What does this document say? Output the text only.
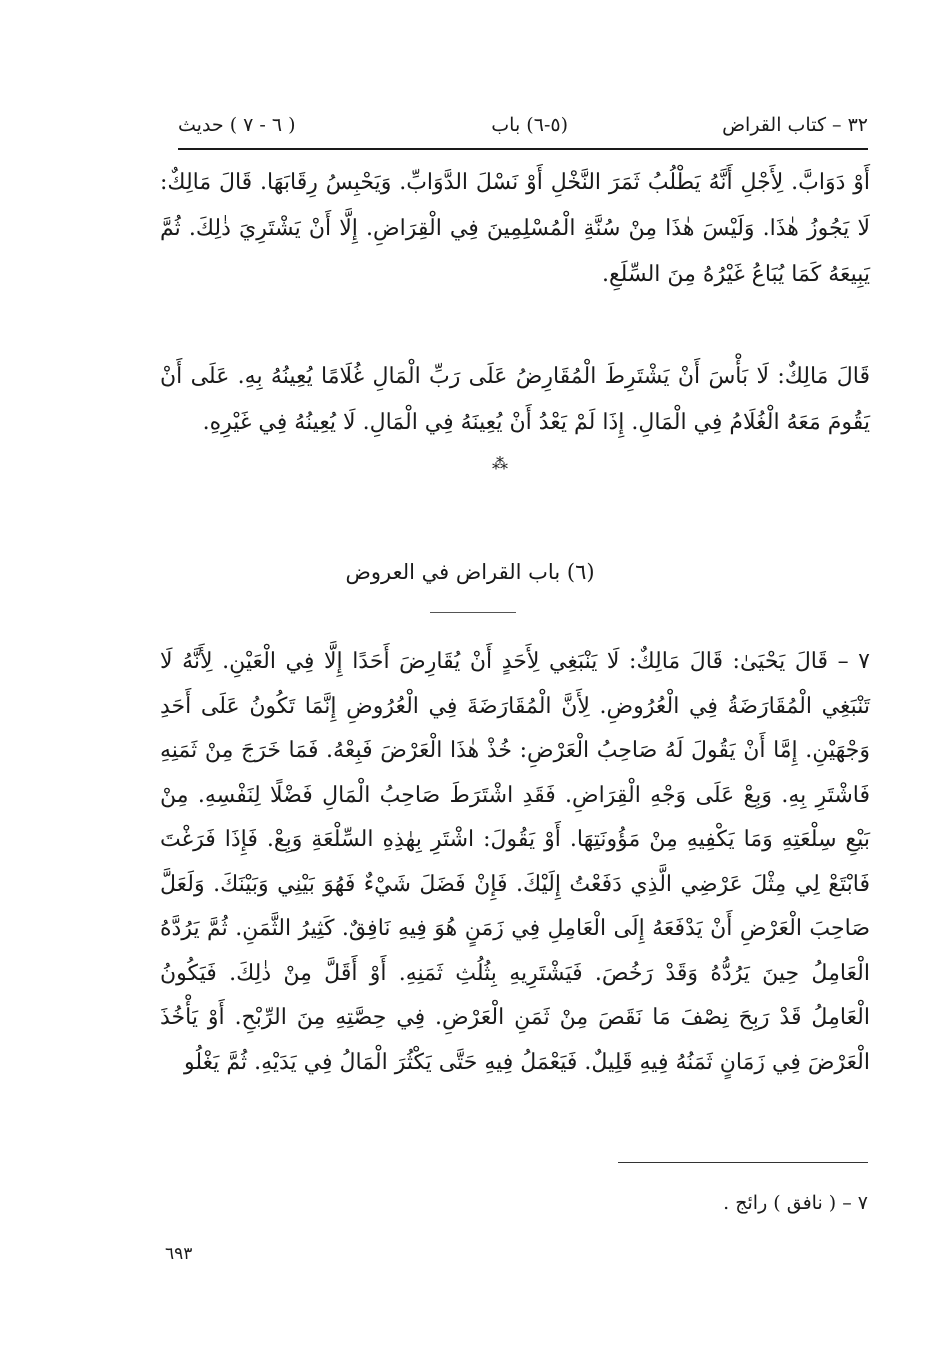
٣٢ – كتاب القراض
(٥-٦) باب
( ٦ - ٧ ) حديث

أَوْ دَوَابَّ. لِأَجْلِ أَنَّهُ يَطْلُبُ ثَمَرَ النَّخْلِ أَوْ نَسْلَ الدَّوَابِّ. وَيَحْبِسُ رِقَابَهَا. قَالَ مَالِكٌ: لَا يَجُوزُ هٰذَا. وَلَيْسَ هٰذَا مِنْ سُنَّةِ الْمُسْلِمِينَ فِي الْقِرَاضِ. إِلَّا أَنْ يَشْتَرِيَ ذٰلِكَ. ثُمَّ يَبِيعَهُ كَمَا يُبَاعُ غَيْرُهُ مِنَ السِّلَعِ.

قَالَ مَالِكٌ: لَا بَأْسَ أَنْ يَشْتَرِطَ الْمُقَارِضُ عَلَى رَبِّ الْمَالِ غُلَامًا يُعِينُهُ بِهِ. عَلَى أَنْ يَقُومَ مَعَهُ الْغُلَامُ فِي الْمَالِ. إِذَا لَمْ يَعْدُ أَنْ يُعِينَهُ فِي الْمَالِ. لَا يُعِينُهُ فِي غَيْرِهِ.

⁂
(٦) باب القراض في العروض

٧ – قَالَ يَحْيَىٰ: قَالَ مَالِكٌ: لَا يَنْبَغِي لِأَحَدٍ أَنْ يُقَارِضَ أَحَدًا إِلَّا فِي الْعَيْنِ. لِأَنَّهُ لَا تَنْبَغِي الْمُقَارَضَةُ فِي الْعُرُوضِ. لِأَنَّ الْمُقَارَضَةَ فِي الْعُرُوضِ إِنَّمَا تَكُونُ عَلَى أَحَدِ وَجْهَيْنِ. إِمَّا أَنْ يَقُولَ لَهُ صَاحِبُ الْعَرْضِ: خُذْ هٰذَا الْعَرْضَ فَبِعْهُ. فَمَا خَرَجَ مِنْ ثَمَنِهِ فَاشْتَرِ بِهِ. وَبِعْ عَلَى وَجْهِ الْقِرَاضِ. فَقَدِ اشْتَرَطَ صَاحِبُ الْمَالِ فَضْلًا لِنَفْسِهِ. مِنْ بَيْعِ سِلْعَتِهِ وَمَا يَكْفِيهِ مِنْ مَؤُونَتِهَا. أَوْ يَقُولَ: اشْتَرِ بِهٰذِهِ السِّلْعَةِ وَبِعْ. فَإِذَا فَرَغْتَ فَابْتَعْ لِي مِثْلَ عَرْضِي الَّذِي دَفَعْتُ إِلَيْكَ. فَإِنْ فَضَلَ شَيْءٌ فَهُوَ بَيْنِي وَبَيْنَكَ. وَلَعَلَّ صَاحِبَ الْعَرْضِ أَنْ يَدْفَعَهُ إِلَى الْعَامِلِ فِي زَمَنٍ هُوَ فِيهِ نَافِقٌ. كَثِيرُ الثَّمَنِ. ثُمَّ يَرُدَّهُ الْعَامِلُ حِينَ يَرُدُّهُ وَقَدْ رَخُصَ. فَيَشْتَرِيهِ بِثُلُثِ ثَمَنِهِ. أَوْ أَقَلَّ مِنْ ذٰلِكَ. فَيَكُونُ الْعَامِلُ قَدْ رَبِحَ نِصْفَ مَا نَقَصَ مِنْ ثَمَنِ الْعَرْضِ. فِي حِصَّتِهِ مِنَ الرِّبْحِ. أَوْ يَأْخُذَ الْعَرْضَ فِي زَمَانٍ ثَمَنُهُ فِيهِ قَلِيلٌ. فَيَعْمَلُ فِيهِ حَتَّى يَكْثُرَ الْمَالُ فِي يَدَيْهِ. ثُمَّ يَغْلُو

٧ – ( نافق ) رائج .
٦٩٣
